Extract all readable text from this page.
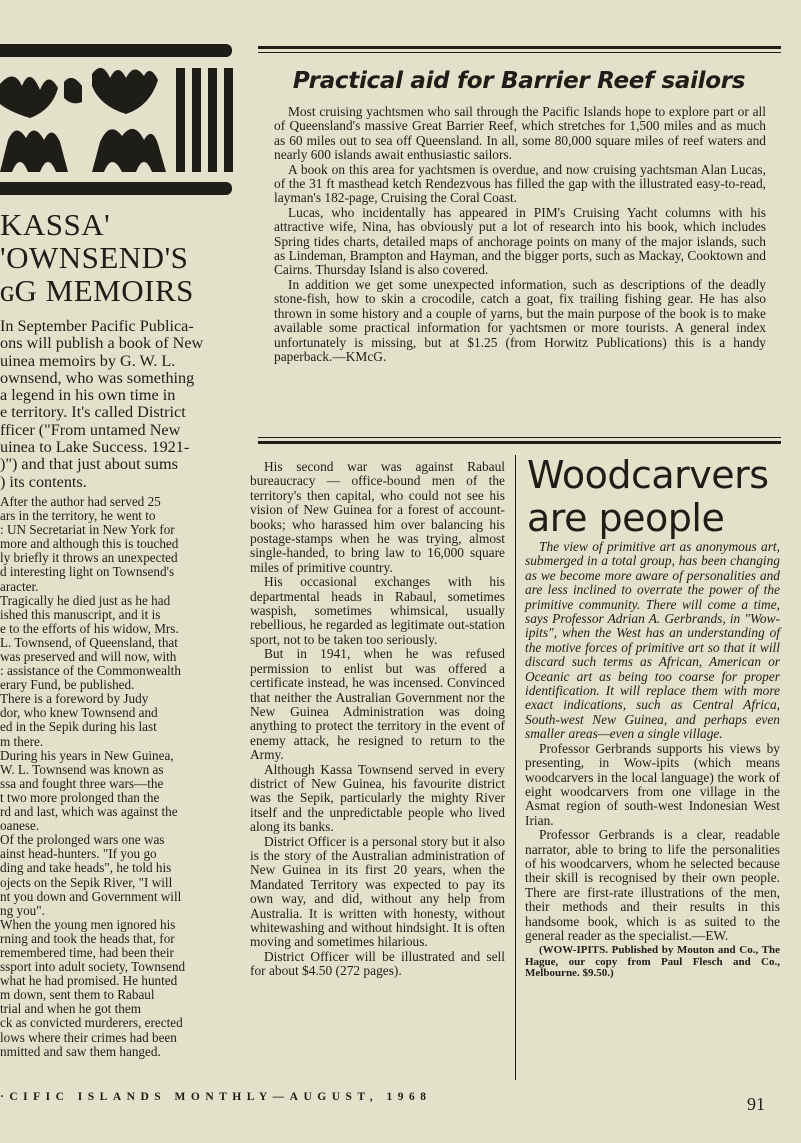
KASSA'
'OWNSEND'S
ɢG MEMOIRS
In September Pacific Publica-
ons will publish a book of New
uinea memoirs by G. W. L.
ownsend, who was something
a legend in his own time in
e territory. It's called District
fficer ("From untamed New
uinea to Lake Success. 1921-
)") and that just about sums
) its contents.
After the author had served 25
ars in the territory, he went to
: UN Secretariat in New York for
more and although this is touched
ly briefly it throws an unexpected
d interesting light on Townsend's
aracter.
Tragically he died just as he had
ished this manuscript, and it is
e to the efforts of his widow, Mrs.
L. Townsend, of Queensland, that
was preserved and will now, with
: assistance of the Commonwealth
erary Fund, be published.
There is a foreword by Judy
dor, who knew Townsend and
ed in the Sepik during his last
m there.
During his years in New Guinea,
W. L. Townsend was known as
ssa and fought three wars—the
t two more prolonged than the
rd and last, which was against the
oanese.
Of the prolonged wars one was
ainst head-hunters. "If you go
ding and take heads", he told his
ojects on the Sepik River, "I will
nt you down and Government will
ng you".
When the young men ignored his
rning and took the heads that, for
remembered time, had been their
ssport into adult society, Townsend
what he had promised. He hunted
m down, sent them to Rabaul
trial and when he got them
ck as convicted murderers, erected
lows where their crimes had been
nmitted and saw them hanged.
Practical aid for Barrier Reef sailors

Most cruising yachtsmen who sail through the Pacific Islands hope to explore part or all of Queensland's massive Great Barrier Reef, which stretches for 1,500 miles and as much as 60 miles out to sea off Queensland. In all, some 80,000 square miles of reef waters and nearly 600 islands await enthusiastic sailors.

A book on this area for yachtsmen is overdue, and now cruising yachtsman Alan Lucas, of the 31 ft masthead ketch Rendezvous has filled the gap with the illustrated easy-to-read, layman's 182-page, Cruising the Coral Coast.

Lucas, who incidentally has appeared in PIM's Cruising Yacht columns with his attractive wife, Nina, has obviously put a lot of research into his book, which includes Spring tides charts, detailed maps of anchorage points on many of the major islands, such as Lindeman, Brampton and Hayman, and the bigger ports, such as Mackay, Cooktown and Cairns. Thursday Island is also covered.

In addition we get some unexpected information, such as descriptions of the deadly stone-fish, how to skin a crocodile, catch a goat, fix trailing fishing gear. He has also thrown in some history and a couple of yarns, but the main purpose of the book is to make available some practical information for yachtsmen or more tourists. A general index unfortunately is missing, but at $1.25 (from Horwitz Publications) this is a handy paperback.—KMcG.

His second war was against Rabaul bureaucracy — office-bound men of the territory's then capital, who could not see his vision of New Guinea for a forest of account-books; who harassed him over balancing his postage-stamps when he was trying, almost single-handed, to bring law to 16,000 square miles of primitive country.

His occasional exchanges with his departmental heads in Rabaul, sometimes waspish, sometimes whimsical, usually rebellious, he regarded as legitimate out-station sport, not to be taken too seriously.

But in 1941, when he was refused permission to enlist but was offered a certificate instead, he was incensed. Convinced that neither the Australian Government nor the New Guinea Administration was doing anything to protect the territory in the event of enemy attack, he resigned to return to the Army.

Although Kassa Townsend served in every district of New Guinea, his favourite district was the Sepik, particularly the mighty River itself and the unpredictable people who lived along its banks.

District Officer is a personal story but it also is the story of the Australian administration of New Guinea in its first 20 years, when the Mandated Territory was expected to pay its own way, and did, without any help from Australia. It is written with honesty, without whitewashing and without hindsight. It is often moving and sometimes hilarious.

District Officer will be illustrated and sell for about $4.50 (272 pages).

Woodcarvers
are people

The view of primitive art as anonymous art, submerged in a total group, has been changing as we become more aware of personalities and are less inclined to overrate the power of the primitive community. There will come a time, says Professor Adrian A. Gerbrands, in "Wow-ipits", when the West has an understanding of the motive forces of primitive art so that it will discard such terms as African, American or Oceanic art as being too coarse for proper identification. It will replace them with more exact indications, such as Central Africa, South-west New Guinea, and perhaps even smaller areas—even a single village.

Professor Gerbrands supports his views by presenting, in Wow-ipits (which means woodcarvers in the local language) the work of eight woodcarvers from one village in the Asmat region of south-west Indonesian West Irian.

Professor Gerbrands is a clear, readable narrator, able to bring to life the personalities of his woodcarvers, whom he selected because their skill is recognised by their own people. There are first-rate illustrations of the men, their methods and their results in this handsome book, which is as suited to the general reader as the specialist.—EW.

(WOW-IPITS. Published by Mouton and Co., The Hague, our copy from Paul Flesch and Co., Melbourne. $9.50.)

·CIFIC ISLANDS MONTHLY—AUGUST, 1968	91
